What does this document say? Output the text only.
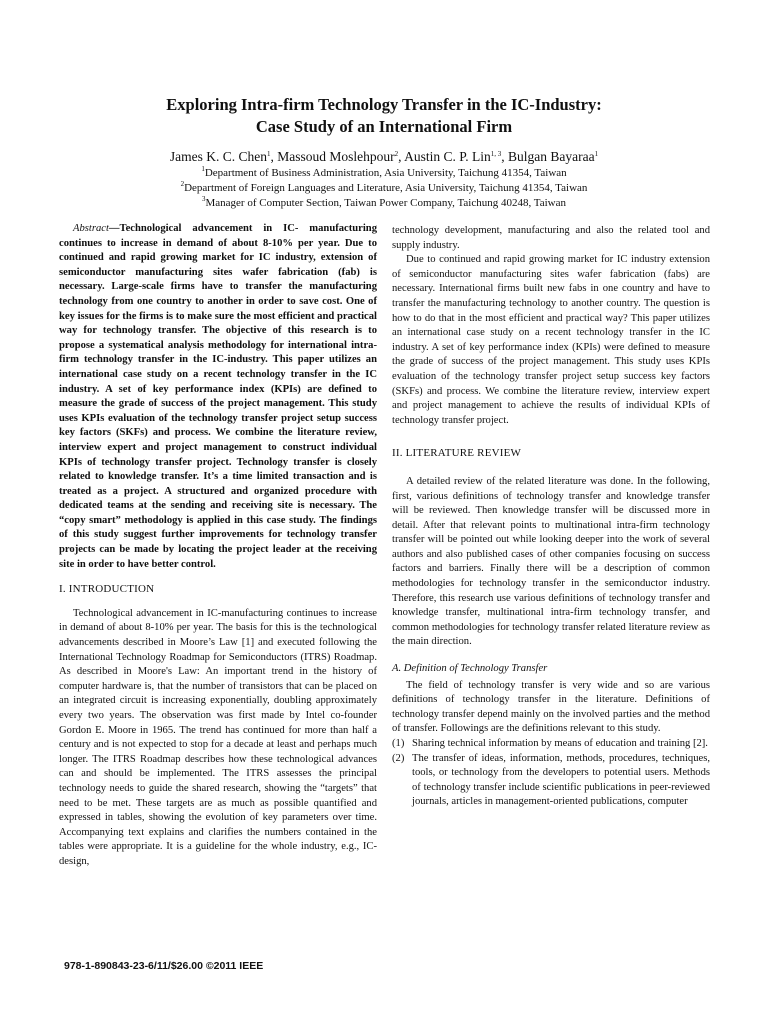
Exploring Intra-firm Technology Transfer in the IC-Industry:
Case Study of an International Firm
James K. C. Chen$^1$, Massoud Moslehpour$^2$, Austin C. P. Lin$^{1, 3}$, Bulgan Bayaraa$^1$
$^1$Department of Business Administration, Asia University, Taichung 41354, Taiwan
$^2$Department of Foreign Languages and Literature, Asia University, Taichung 41354, Taiwan
$^3$Manager of Computer Section, Taiwan Power Company, Taichung 40248, Taiwan

Abstract—Technological advancement in IC- manufacturing continues to increase in demand of about 8-10% per year. Due to continued and rapid growing market for IC industry, extension of semiconductor manufacturing sites wafer fabrication (fab) is necessary. Large-scale firms have to transfer the manufacturing technology from one country to another in order to save cost. One of key issues for the firms is to make sure the most efficient and practical way for technology transfer. The objective of this research is to propose a systematical analysis methodology for international intra-firm technology transfer in the IC-industry. This paper utilizes an international case study on a recent technology transfer in the IC industry. A set of key performance index (KPIs) are defined to measure the grade of success of the project management. This study uses KPIs evaluation of the technology transfer project setup success key factors (SKFs) and process. We combine the literature review, interview expert and project management to construct individual KPIs of technology transfer project. Technology transfer is closely related to knowledge transfer. It’s a time limited transaction and is treated as a project. A structured and organized procedure with dedicated teams at the sending and receiving site is necessary. The “copy smart” methodology is applied in this case study. The findings of this study suggest further improvements for technology transfer projects can be made by locating the project leader at the receiving site in order to have better control.

I. INTRODUCTION

Technological advancement in IC-manufacturing continues to increase in demand of about 8-10% per year. The basis for this is the technological advancements described in Moore’s Law [1] and executed following the International Technology Roadmap for Semiconductors (ITRS) Roadmap. As described in Moore's Law: An important trend in the history of computer hardware is, that the number of transistors that can be placed on an integrated circuit is increasing exponentially, doubling approximately every two years. The observation was first made by Intel co-founder Gordon E. Moore in 1965. The trend has continued for more than half a century and is not expected to stop for a decade at least and perhaps much longer. The ITRS Roadmap describes how these technological advances can and should be implemented. The ITRS assesses the principal technology needs to guide the shared research, showing the “targets” that need to be met. These targets are as much as possible quantified and expressed in tables, showing the evolution of key parameters over time. Accompanying text explains and clarifies the numbers contained in the tables were appropriate. It is a guideline for the whole industry, e.g., IC-design,

technology development, manufacturing and also the related tool and supply industry.

Due to continued and rapid growing market for IC industry extension of semiconductor manufacturing sites wafer fabrication (fabs) are necessary. International firms built new fabs in one country and have to transfer the manufacturing technology to another country. The question is how to do that in the most efficient and practical way? This paper utilizes an international case study on a recent technology transfer in the IC industry. A set of key performance index (KPIs) were defined to measure the grade of success of the project management. This study uses KPIs evaluation of the technology transfer project setup success key factors (SKFs) and process. We combine the literature review, interview expert and project management to achieve the results of individual KPIs of technology transfer project.

II. LITERATURE REVIEW

A detailed review of the related literature was done. In the following, first, various definitions of technology transfer and knowledge transfer will be reviewed. Then knowledge transfer will be discussed more in detail. After that relevant points to multinational intra-firm technology transfer will be pointed out while looking deeper into the work of several authors and also published cases of other companies focusing on success factors and barriers. Finally there will be a description of common methodologies for technology transfer in the semiconductor industry. Therefore, this research use various definitions of technology transfer and knowledge transfer, multinational intra-firm technology transfer, and common methodologies for technology transfer related literature review as the main direction.

A. Definition of Technology Transfer

The field of technology transfer is very wide and so are various definitions of technology transfer in the literature. Definitions of technology transfer depend mainly on the involved parties and the method of transfer. Followings are the definitions relevant to this study.

(1) Sharing technical information by means of education and training [2].
(2) The transfer of ideas, information, methods, procedures, techniques, tools, or technology from the developers to potential users. Methods of technology transfer include scientific publications in peer-reviewed journals, articles in management-oriented publications, computer
978-1-890843-23-6/11/$26.00 ©2011 IEEE
